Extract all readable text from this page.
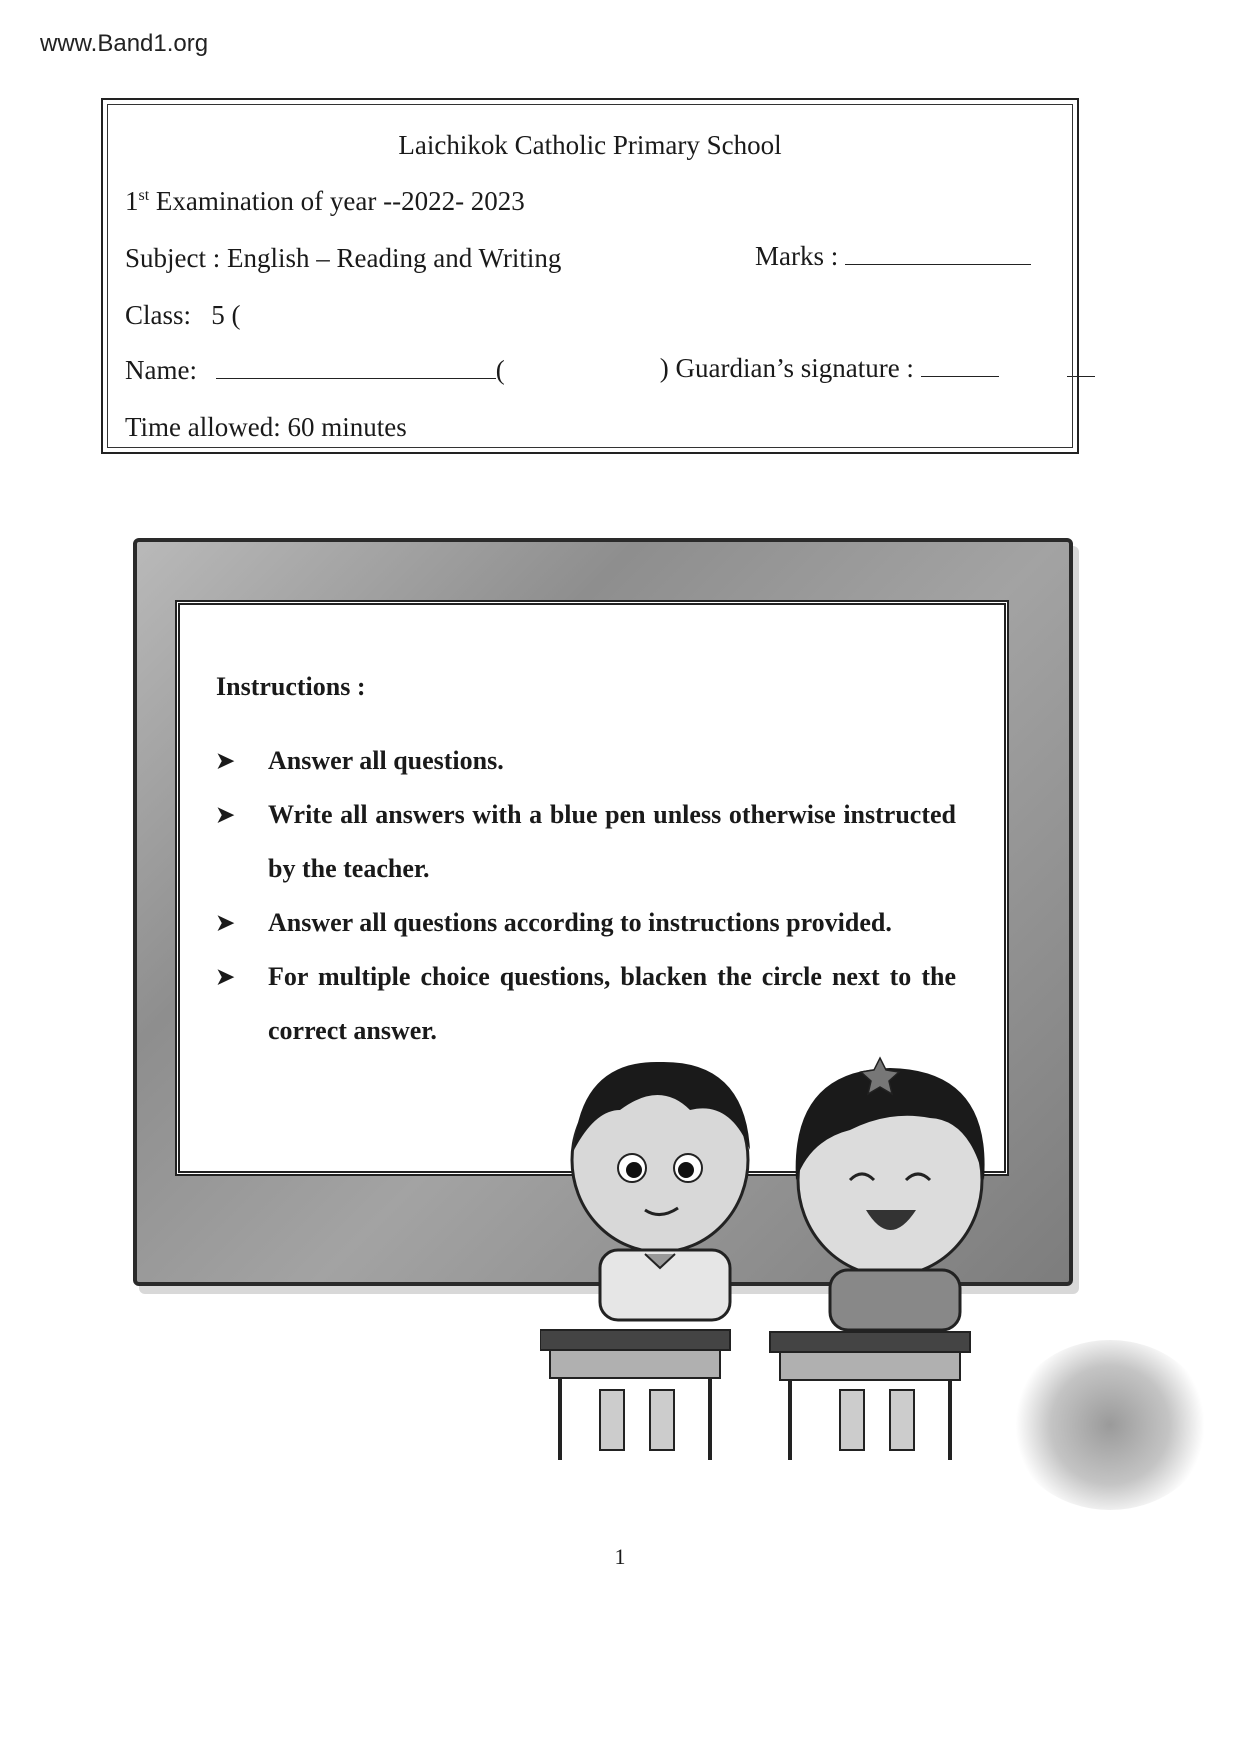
www.Band1.org
Laichikok Catholic Primary School
1st Examination of year --2022- 2023
Subject : English – Reading and Writing	Marks :
Class:   5 (
Name:	(	) Guardian’s signature :
Time allowed: 60 minutes
Instructions :
➤ Answer all questions.
➤ Write all answers with a blue pen unless otherwise instructed by the teacher.
➤ Answer all questions according to instructions provided.
➤ For multiple choice questions, blacken the circle next to the correct answer.
1
